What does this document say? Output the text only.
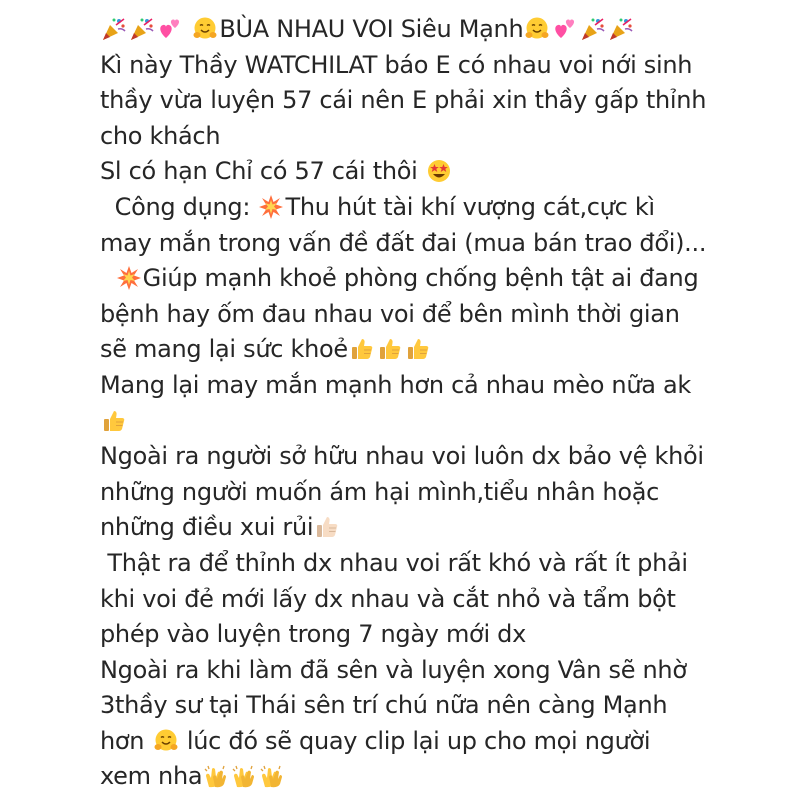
BÙA NHAU VOI Siêu Mạnh
Kì này Thầy WATCHILAT báo E có nhau voi nới sinh
thầy vừa luyện 57 cái nên E phải xin thầy gấp thỉnh
cho khách
Sl có hạn Chỉ có 57 cái thôi
Công dụng:
Thu hút tài khí vượng cát,cực kì
may mắn trong vấn đề đất đai (mua bán trao đổi)...

Giúp mạnh khoẻ phòng chống bệnh tật ai đang
bệnh hay ốm đau nhau voi để bên mình thời gian
sẽ mang lại sức khoẻ
Mang lại may mắn mạnh hơn cả nhau mèo nữa ak
Ngoài ra người sở hữu nhau voi luôn dx bảo vệ khỏi
những người muốn ám hại mình,tiểu nhân hoặc
những điều xui rủi
Thật ra để thỉnh dx nhau voi rất khó và rất ít phải
khi voi đẻ mới lấy dx nhau và cắt nhỏ và tẩm bột
phép vào luyện trong 7 ngày mới dx
Ngoài ra khi làm đã sên và luyện xong Vân sẽ nhờ
3thầy sư tại Thái sên trí chú nữa nên càng Mạnh
hơn
lúc đó sẽ quay clip lại up cho mọi người
xem nha
